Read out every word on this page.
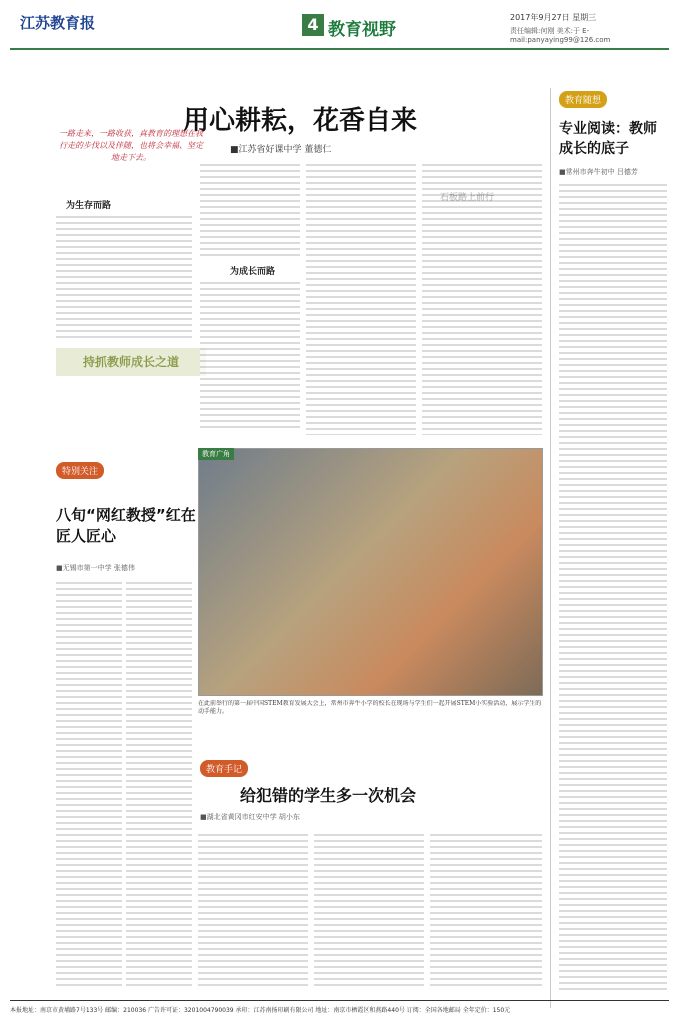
江苏教育报	4 教育视野
2017年9月27日 星期三
责任编辑:何刚 美术:于 E-mail:panyaying99@126.com
用心耕耘，花香自来
■江苏省好课中学 董德仁
一路走来，一路收获，真教育的理想在我行走的步伐以及伴随，也将会幸福、坚定地走下去。
为生存而路
持抓教师成长之道
为成长而路
教育随想
专业阅读：教师成长的底子
■常州市奔牛初中 吕德芳
特别关注
八旬“网红教授”红在匠人匠心
■无锡市第一中学 张德伟
教育广角
在此前举行的第一届中国STEM教育发展大会上，常州市奔牛小学的校长在现场与学生们一起开展STEM小实验活动，展示学生的动手能力。
教育手记
给犯错的学生多一次机会
■湖北省黄冈市红安中学 胡小东
本报地址：南京市黄埔路7号133号 邮编：210036 广告许可证：3201004790039 承印：江苏南扬印刷有限公司 地址：南京市栖霞区和燕路440号 订阅：全国各地邮局 全年定价：150元
